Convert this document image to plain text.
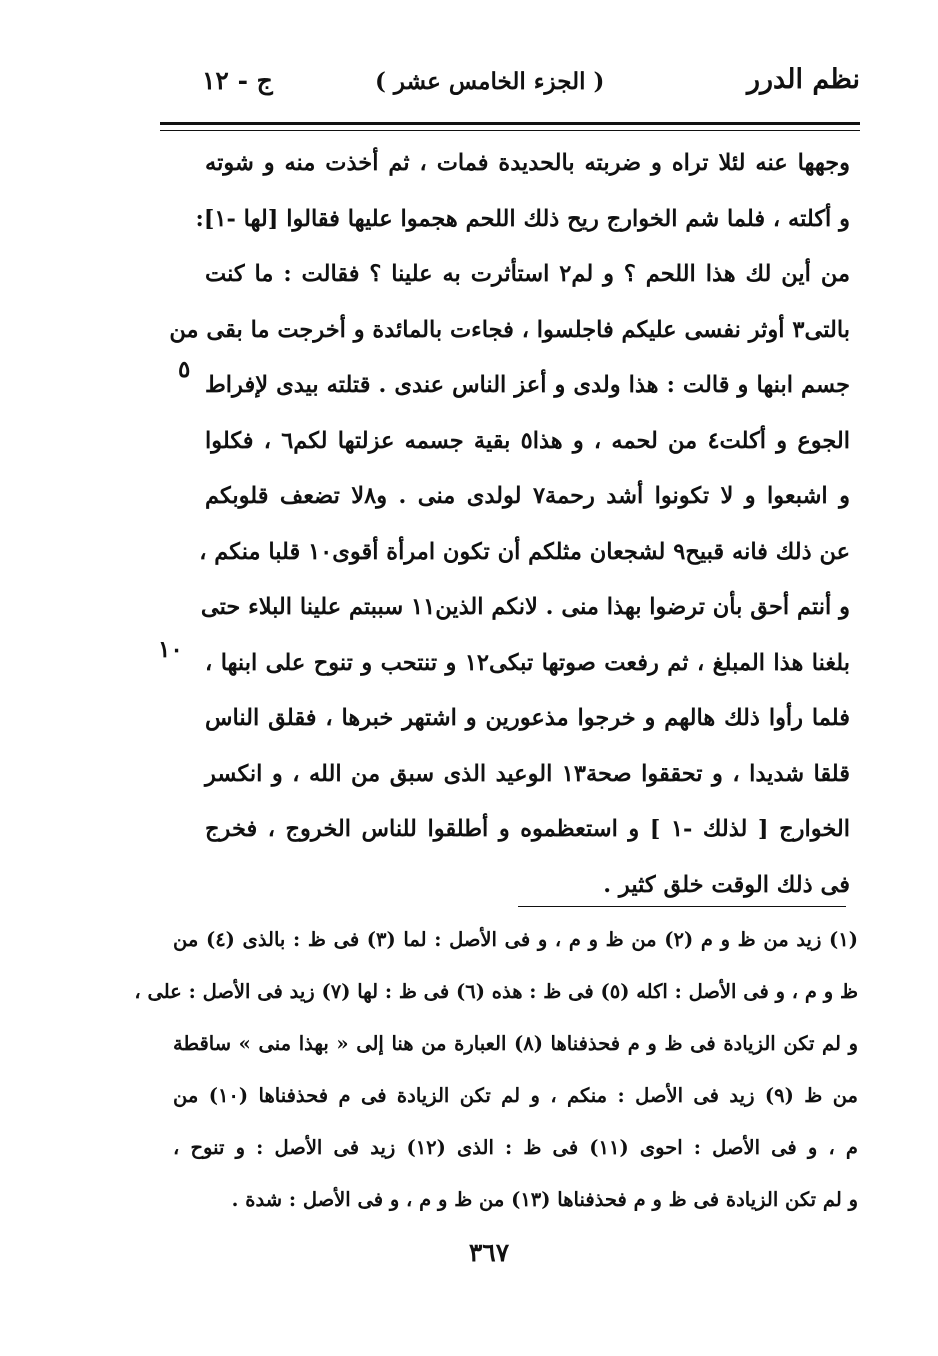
نظم الدرر
( الجزء الخامس عشر )
ج - ١٢
وجهها عنه لئلا تراه و ضربته بالحديدة فمات ، ثم أخذت منه و شوته
و أكلته ، فلما شم الخوارج ريح ذلك اللحم هجموا عليها فقالوا [لها -١]:
من أين لك هذا اللحم ؟ و لم٢ استأثرت به علينا ؟ فقالت : ما كنت
بالتى٣ أوثر نفسى عليكم فاجلسوا ، فجاءت بالمائدة و أخرجت ما بقى من
جسم ابنها و قالت : هذا ولدى و أعز الناس عندى . قتلته بيدى لإفراط
الجوع و أكلت٤ من لحمه ، و هذا٥ بقية جسمه عزلتها لكم٦ ، فكلوا
و اشبعوا و لا تكونوا أشد رحمة٧ لولدى منى . و٨لا تضعف قلوبكم
عن ذلك فانه قبيح٩ لشجعان مثلكم أن تكون امرأة أقوى١٠ قلبا منكم ،
و أنتم أحق بأن ترضوا بهذا منى . لانكم الذين١١ سببتم علينا البلاء حتى
بلغنا هذا المبلغ ، ثم رفعت صوتها تبكى١٢ و تنتحب و تنوح على ابنها ،
فلما رأوا ذلك هالهم و خرجوا مذعورين و اشتهر خبرها ، فقلق الناس
قلقا شديدا ، و تحققوا صحة١٣ الوعيد الذى سبق من الله ، و انكسر
الخوارج [ لذلك -١ ] و استعظموه و أطلقوا للناس الخروج ، فخرج
فى ذلك الوقت خلق كثير .
٥
١٠
(١) زيد من ظ و م (٢) من ظ و م ، و فى الأصل : لما (٣) فى ظ : بالذى (٤) من
ظ و م ، و فى الأصل : اكله (٥) فى ظ : هذه (٦) فى ظ : لها (٧) زيد فى الأصل : على ،
و لم تكن الزيادة فى ظ و م فحذفناها (٨) العبارة من هنا إلى « بهذا منى » ساقطة
من ظ (٩) زيد فى الأصل : منكم ، و لم تكن الزيادة فى م فحذفناها (١٠) من
م ، و فى الأصل : احوى (١١) فى ظ : الذى (١٢) زيد فى الأصل : و تنوح ،
و لم تكن الزيادة فى ظ و م فحذفناها (١٣) من ظ و م ، و فى الأصل : شدة .
٣٦٧
